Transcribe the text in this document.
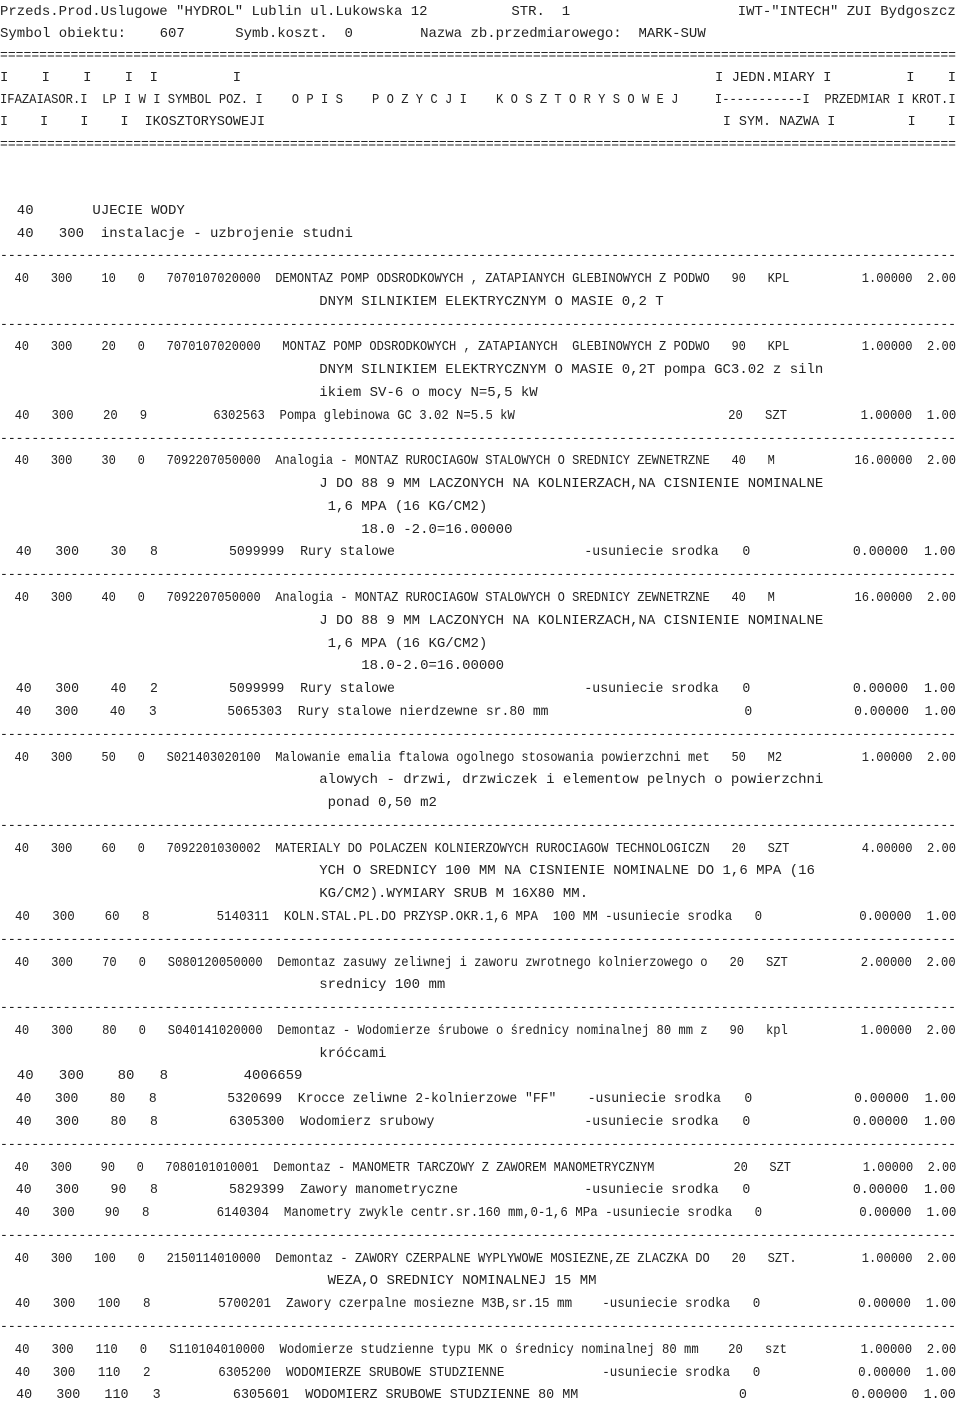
Przeds.Prod.Uslugowe "HYDROL" Lublin ul.Lukowska 12          STR.  1                    IWT-"INTECH" ZUI Bydgoszcz
Symbol obiektu:    607      Symb.koszt.  0        Nazwa zb.przedmiarowego:  MARK-SUW
==========================================================================================================================
I    I    I    I  I         I                                                         I JEDN.MIARY I         I    I
IFAZAIASOR.I  LP I W I SYMBOL POZ. I    O P I S    P O Z Y C J I    K O S Z T O R Y S O W E J     I-----------I  PRZEDMIAR I KROT.I
I    I    I    I  IKOSZTORYSOWEJI                                                         I SYM. NAZWA I         I    I
==========================================================================================================================
40       UJECIE WODY
40   300  instalacje - uzbrojenie studni
--------------------------------------------------------------------------------------------------------------------------
40   300    10   0   7070107020000  DEMONTAZ POMP ODSRODKOWYCH , ZATAPIANYCH GLEBINOWYCH Z PODWO   90   KPL          1.00000  2.00
DNYM SILNIKIEM ELEKTRYCZNYM O MASIE 0,2 T
--------------------------------------------------------------------------------------------------------------------------
40   300    20   0   7070107020000   MONTAZ POMP ODSRODKOWYCH , ZATAPIANYCH  GLEBINOWYCH Z PODWO   90   KPL          1.00000  2.00
DNYM SILNIKIEM ELEKTRYCZNYM O MASIE 0,2T pompa GC3.02 z siln
ikiem SV-6 o mocy N=5,5 kW
40   300    20   9         6302563  Pompa glebinowa GC 3.02 N=5.5 kW                             20   SZT          1.00000  1.00
--------------------------------------------------------------------------------------------------------------------------
40   300    30   0   7092207050000  Analogia - MONTAZ RUROCIAGOW STALOWYCH O SREDNICY ZEWNETRZNE   40   M           16.00000  2.00
J DO 88 9 MM LACZONYCH NA KOLNIERZACH,NA CISNIENIE NOMINALNE
1,6 MPA (16 KG/CM2)
18.0 -2.0=16.00000
40   300    30   8         5099999  Rury stalowe                        -usuniecie srodka   0             0.00000  1.00
--------------------------------------------------------------------------------------------------------------------------
40   300    40   0   7092207050000  Analogia - MONTAZ RUROCIAGOW STALOWYCH O SREDNICY ZEWNETRZNE   40   M           16.00000  2.00
J DO 88 9 MM LACZONYCH NA KOLNIERZACH,NA CISNIENIE NOMINALNE
1,6 MPA (16 KG/CM2)
18.0-2.0=16.00000
40   300    40   2         5099999  Rury stalowe                        -usuniecie srodka   0             0.00000  1.00
40   300    40   3         5065303  Rury stalowe nierdzewne sr.80 mm                         0             0.00000  1.00
--------------------------------------------------------------------------------------------------------------------------
40   300    50   0   S021403020100  Malowanie emalia ftalowa ogolnego stosowania powierzchni met   50   M2           1.00000  2.00
alowych - drzwi, drzwiczek i elementow pelnych o powierzchni
ponad 0,50 m2
--------------------------------------------------------------------------------------------------------------------------
40   300    60   0   7092201030002  MATERIALY DO POLACZEN KOLNIERZOWYCH RUROCIAGOW TECHNOLOGICZN   20   SZT          4.00000  2.00
YCH O SREDNICY 100 MM NA CISNIENIE NOMINALNE DO 1,6 MPA (16
KG/CM2).WYMIARY SRUB M 16X80 MM.
40   300    60   8         5140311  KOLN.STAL.PL.DO PRZYSP.OKR.1,6 MPA  100 MM -usuniecie srodka   0             0.00000  1.00
--------------------------------------------------------------------------------------------------------------------------
40   300    70   0   S080120050000  Demontaz zasuwy zeliwnej i zaworu zwrotnego kolnierzowego o   20   SZT          2.00000  2.00
srednicy 100 mm
--------------------------------------------------------------------------------------------------------------------------
40   300    80   0   S040141020000  Demontaz - Wodomierze śrubowe o średnicy nominalnej 80 mm z   90   kpl          1.00000  2.00
króćcami
40   300    80   8         4006659
40   300    80   8         5320699  Krocce zeliwne 2-kolnierzowe "FF"    -usuniecie srodka   0             0.00000  1.00
40   300    80   8         6305300  Wodomierz srubowy                   -usuniecie srodka   0             0.00000  1.00
--------------------------------------------------------------------------------------------------------------------------
40   300    90   0   7080101010001  Demontaz - MANOMETR TARCZOWY Z ZAWOREM MANOMETRYCZNYM           20   SZT          1.00000  2.00
40   300    90   8         5829399  Zawory manometryczne                -usuniecie srodka   0             0.00000  1.00
40   300    90   8         6140304  Manometry zwykle centr.sr.160 mm,0-1,6 MPa -usuniecie srodka   0             0.00000  1.00
--------------------------------------------------------------------------------------------------------------------------
40   300   100   0   2150114010000  Demontaz - ZAWORY CZERPALNE WYPLYWOWE MOSIEZNE,ZE ZLACZKA DO   20   SZT.         1.00000  2.00
WEZA,O SREDNICY NOMINALNEJ 15 MM
40   300   100   8         5700201  Zawory czerpalne mosiezne M3B,sr.15 mm    -usuniecie srodka   0             0.00000  1.00
--------------------------------------------------------------------------------------------------------------------------
40   300   110   0   S110104010000  Wodomierze studzienne typu MK o średnicy nominalnej 80 mm    20   szt          1.00000  2.00
40   300   110   2         6305200  WODOMIERZE SRUBOWE STUDZIENNE             -usuniecie srodka   0             0.00000  1.00
40   300   110   3         6305601  WODOMIERZ SRUBOWE STUDZIENNE 80 MM                    0             0.00000  1.00
